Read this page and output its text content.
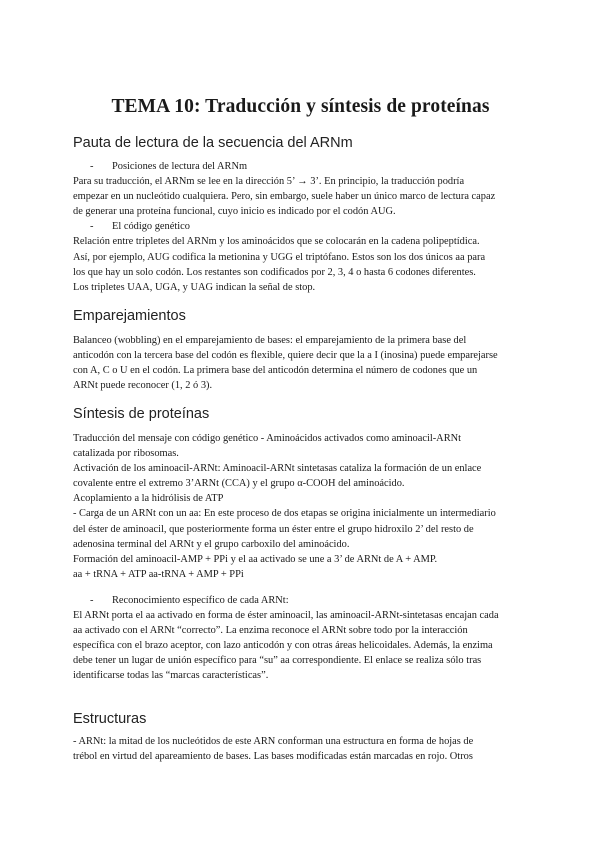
TEMA 10: Traducción y síntesis de proteínas
Pauta de lectura de la secuencia del ARNm
- Posiciones de lectura del ARNm
Para su traducción, el ARNm se lee en la dirección 5’ → 3’. En principio, la traducción podría
empezar en un nucleótido cualquiera. Pero, sin embargo, suele haber un único marco de lectura capaz
de generar una proteína funcional, cuyo inicio es indicado por el codón AUG.
- El código genético
Relación entre tripletes del ARNm y los aminoácidos que se colocarán en la cadena polipeptídica.
Así, por ejemplo, AUG codifica la metionina y UGG el triptófano. Estos son los dos únicos aa para
los que hay un solo codón. Los restantes son codificados por 2, 3, 4 o hasta 6 codones diferentes.
Los tripletes UAA, UGA, y UAG indican la señal de stop.
Emparejamientos
Balanceo (wobbling) en el emparejamiento de bases: el emparejamiento de la primera base del
anticodón con la tercera base del codón es flexible, quiere decir que la a I (inosina) puede emparejarse
con A, C o U en el codón. La primera base del anticodón determina el número de codones que un
ARNt puede reconocer (1, 2 ó 3).
Síntesis de proteínas
Traducción del mensaje con código genético - Aminoácidos activados como aminoacil-ARNt
catalizada por ribosomas.
Activación de los aminoacil-ARNt: Aminoacil-ARNt sintetasas cataliza la formación de un enlace
covalente entre el extremo 3’ARNt (CCA) y el grupo α-COOH del aminoácido.
Acoplamiento a la hidrólisis de ATP
- Carga de un ARNt con un aa: En este proceso de dos etapas se origina inicialmente un intermediario
del éster de aminoacil, que posteriormente forma un éster entre el grupo hidroxilo 2’ del resto de
adenosina terminal del ARNt y el grupo carboxilo del aminoácido.
Formación del aminoacil-AMP + PPi y el aa activado se une a 3’ de ARNt de A + AMP.
aa + tRNA + ATP aa-tRNA + AMP + PPi
- Reconocimiento específico de cada ARNt:
El ARNt porta el aa activado en forma de éster aminoacil, las aminoacil-ARNt-sintetasas encajan cada
aa activado con el ARNt “correcto”. La enzima reconoce el ARNt sobre todo por la interacción
específica con el brazo aceptor, con lazo anticodón y con otras áreas helicoidales. Además, la enzima
debe tener un lugar de unión específico para “su” aa correspondiente. El enlace se realiza sólo tras
identificarse todas las “marcas características”.
Estructuras
- ARNt: la mitad de los nucleótidos de este ARN conforman una estructura en forma de hojas de
trébol en virtud del apareamiento de bases. Las bases modificadas están marcadas en rojo. Otros
